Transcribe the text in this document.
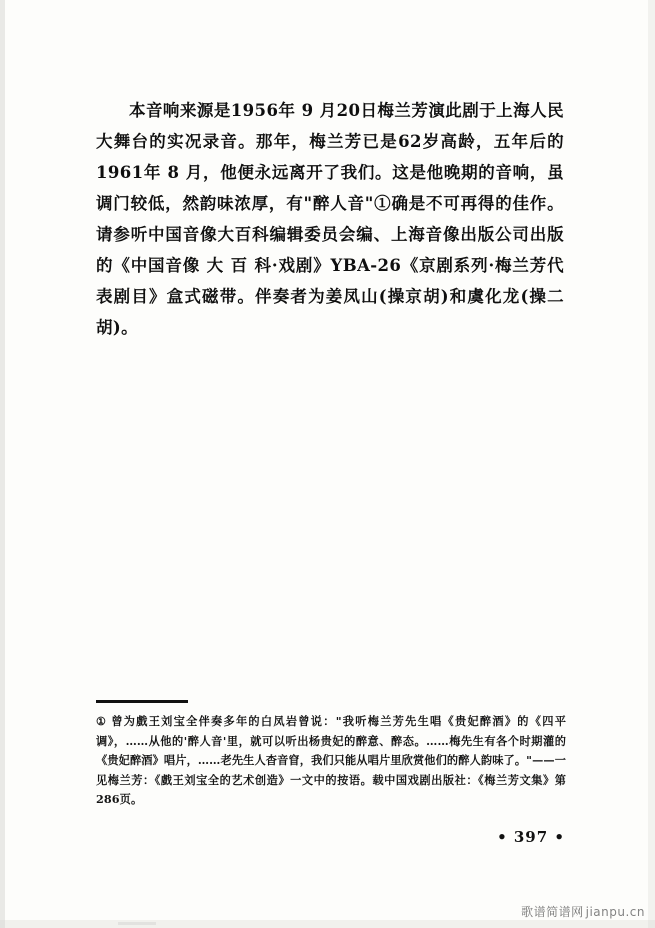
本音响来源是1956年 9 月20日梅兰芳演此剧于上海人民大舞台的实况录音。那年，梅兰芳已是62岁高龄，五年后的1961年 8 月，他便永远离开了我们。这是他晚期的音响，虽调门较低，然韵味浓厚，有"醉人音"①确是不可再得的佳作。请参听中国音像大百科编辑委员会编、上海音像出版公司出版的《中国音像 大 百 科·戏剧》YBA-26《京剧系列·梅兰芳代表剧目》盒式磁带。伴奏者为姜凤山(操京胡)和虞化龙(操二胡)。

① 曾为戲王刘宝全伴奏多年的白凤岩曾说："我听梅兰芳先生唱《贵妃醉酒》的《四平调》，……从他的'醉人音'里，就可以听出杨贵妃的醉意、醉态。……梅先生有各个时期灌的《贵妃醉酒》唱片，……老先生人杳音窅，我们只能从唱片里欣赏他们的醉人韵味了。"——一见梅兰芳：《戲王刘宝全的艺术创造》一文中的按语。载中国戏剧出版社：《梅兰芳文集》第286页。
• 397 •
歌谱简谱网 jianpu.cn
